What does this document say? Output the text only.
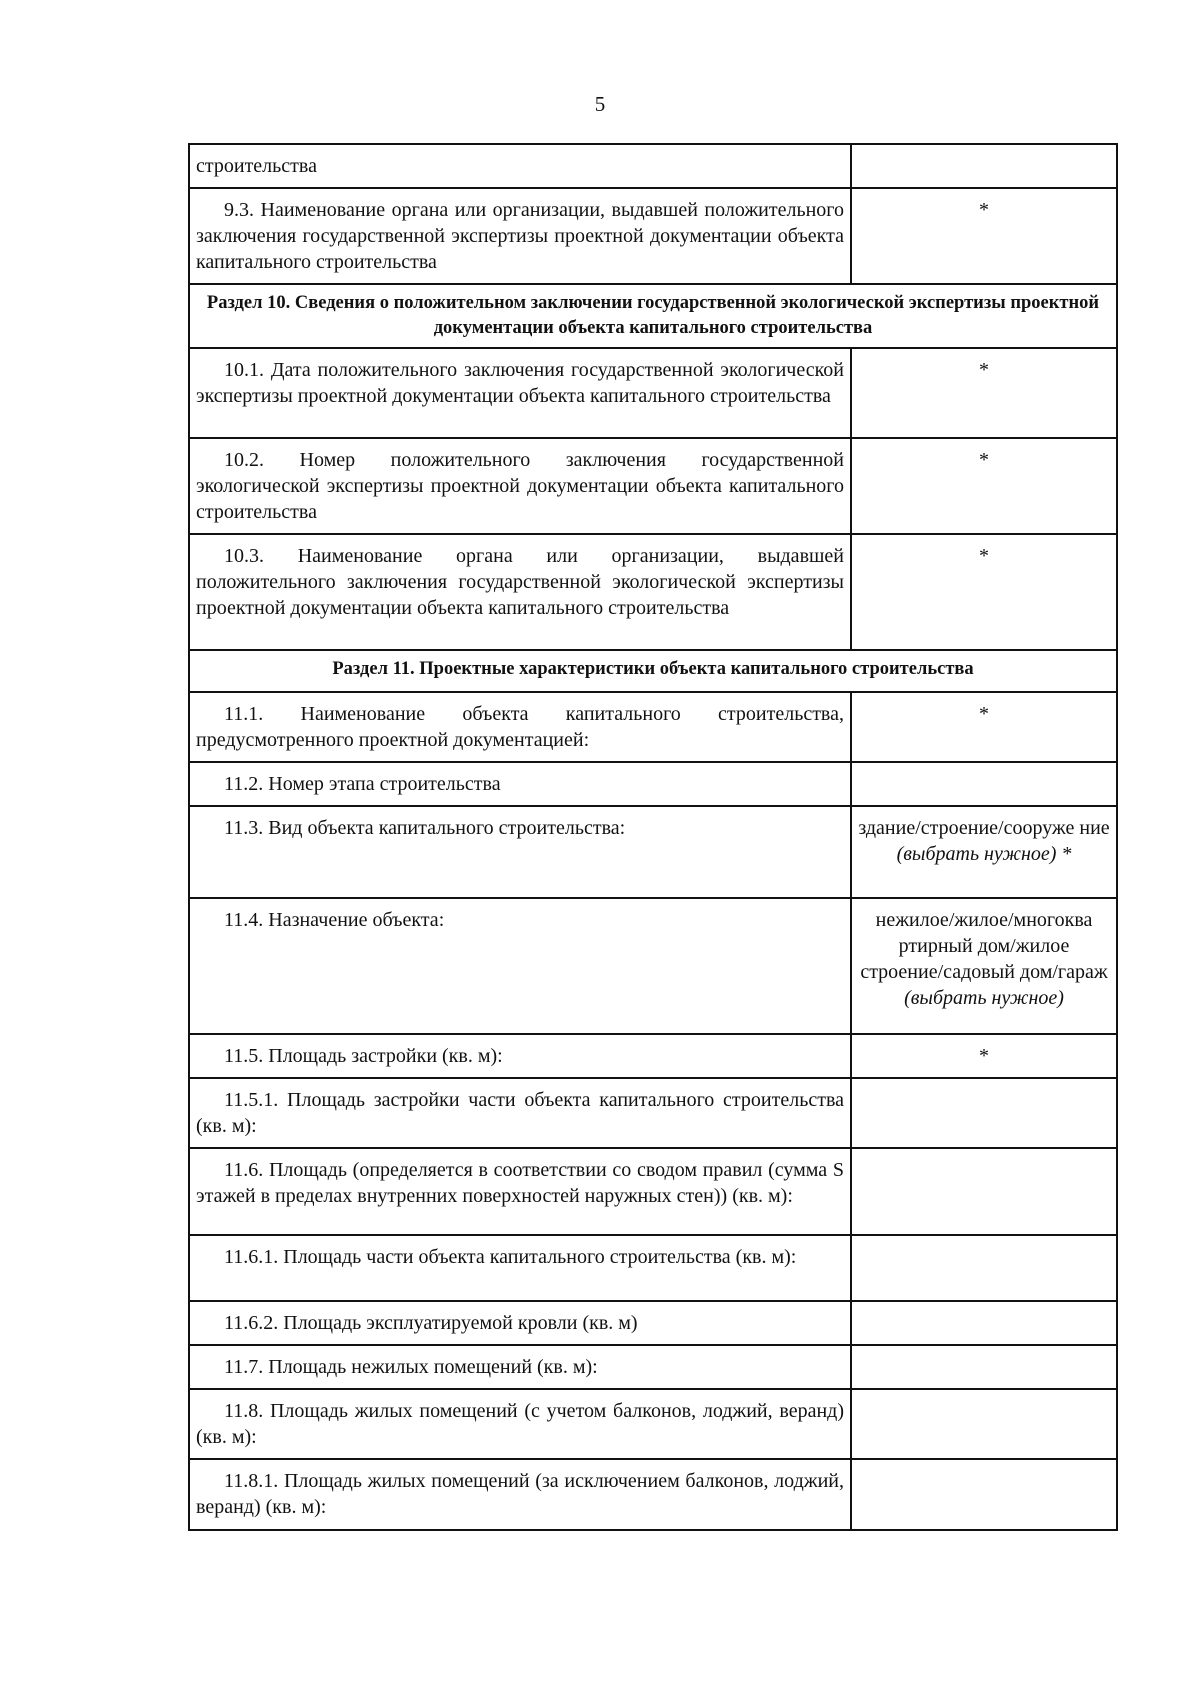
5
строительства	

9.3. Наименование органа или организации, выдавшей положительного заключения государственной экспертизы проектной документации объекта капитального строительства	*

Раздел 10. Сведения о положительном заключении государственной экологической экспертизы проектной документации объекта капитального строительства	
10.1. Дата положительного заключения государственной экологической экспертизы проектной документации объекта капитального строительства	*

10.2. Номер положительного заключения государственной экологической экспертизы проектной документации объекта капитального строительства	*

10.3. Наименование органа или организации, выдавшей положительного заключения государственной экологической экспертизы проектной документации объекта капитального строительства	*

Раздел 11. Проектные характеристики объекта капитального строительства	
11.1. Наименование объекта капитального строительства, предусмотренного проектной документацией:	*

11.2. Номер этапа строительства	

11.3. Вид объекта капитального строительства:	здание/строение/сооруже ние
(выбрать нужное) *

11.4. Назначение объекта:	нежилое/жилое/многоква ртирный дом/жилое строение/садовый дом/гараж
(выбрать нужное)

11.5. Площадь застройки (кв. м):	*

11.5.1. Площадь застройки части объекта капитального строительства (кв. м):	

11.6. Площадь (определяется в соответствии со сводом правил (сумма S этажей в пределах внутренних поверхностей наружных стен)) (кв. м):	

11.6.1. Площадь части объекта капитального строительства (кв. м):	

11.6.2. Площадь эксплуатируемой кровли (кв. м)	

11.7. Площадь нежилых помещений (кв. м):	

11.8. Площадь жилых помещений (с учетом балконов, лоджий, веранд) (кв. м):	

11.8.1. Площадь жилых помещений (за исключением балконов, лоджий, веранд) (кв. м):	
